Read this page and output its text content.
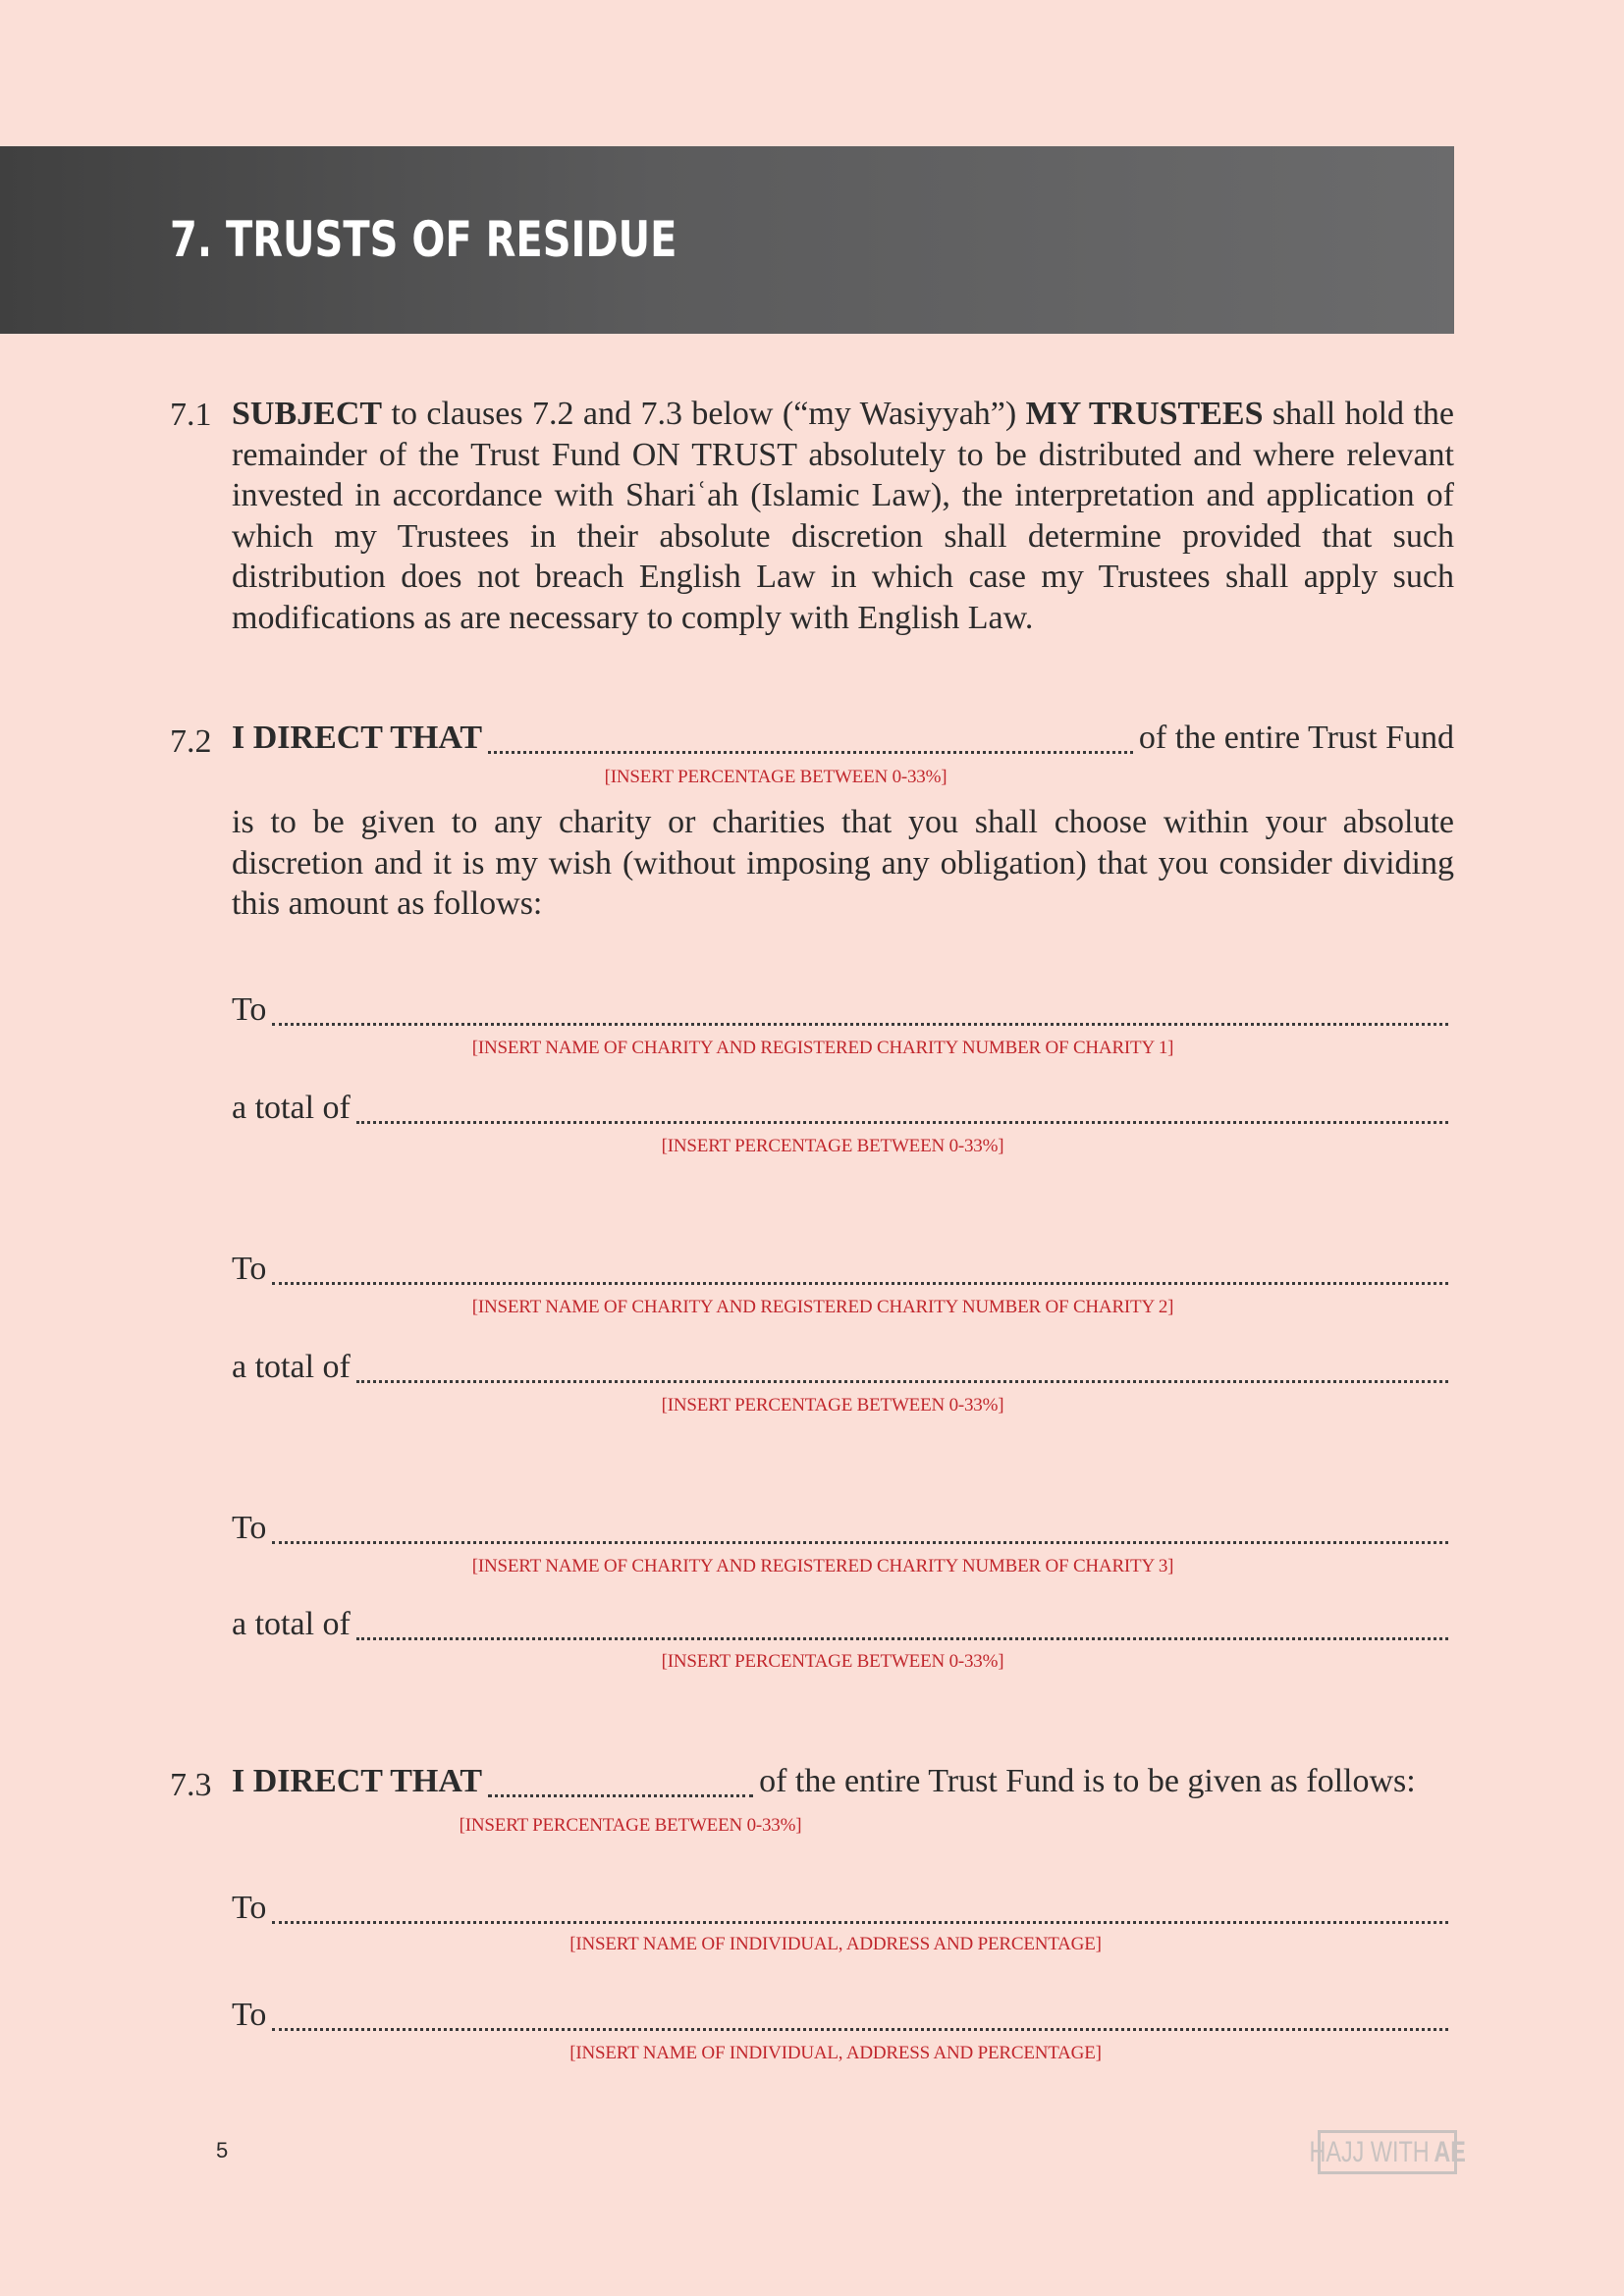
7. TRUSTS OF RESIDUE
7.1 SUBJECT to clauses 7.2 and 7.3 below (“my Wasiyyah”) MY TRUSTEES shall hold the remainder of the Trust Fund ON TRUST absolutely to be distributed and where relevant invested in accordance with Shariʿah (Islamic Law), the interpretation and application of which my Trustees in their absolute discretion shall determine provided that such distribution does not breach English Law in which case my Trustees shall apply such modifications as are necessary to comply with English Law.
7.2 I DIRECT THAT	of the entire Trust Fund
[INSERT PERCENTAGE BETWEEN 0-33%]
is to be given to any charity or charities that you shall choose within your absolute discretion and it is my wish (without imposing any obligation) that you consider dividing this amount as follows:
To
[INSERT NAME OF CHARITY AND REGISTERED CHARITY NUMBER OF CHARITY 1]
a total of
[INSERT PERCENTAGE BETWEEN 0-33%]
To
[INSERT NAME OF CHARITY AND REGISTERED CHARITY NUMBER OF CHARITY 2]
a total of
[INSERT PERCENTAGE BETWEEN 0-33%]
To
[INSERT NAME OF CHARITY AND REGISTERED CHARITY NUMBER OF CHARITY 3]
a total of
[INSERT PERCENTAGE BETWEEN 0-33%]
7.3 I DIRECT THAT	of the entire Trust Fund is to be given as follows:
[INSERT PERCENTAGE BETWEEN 0-33%]
To
[INSERT NAME OF INDIVIDUAL, ADDRESS AND PERCENTAGE]
To
[INSERT NAME OF INDIVIDUAL, ADDRESS AND PERCENTAGE]
5	HAJJ WITH AE
